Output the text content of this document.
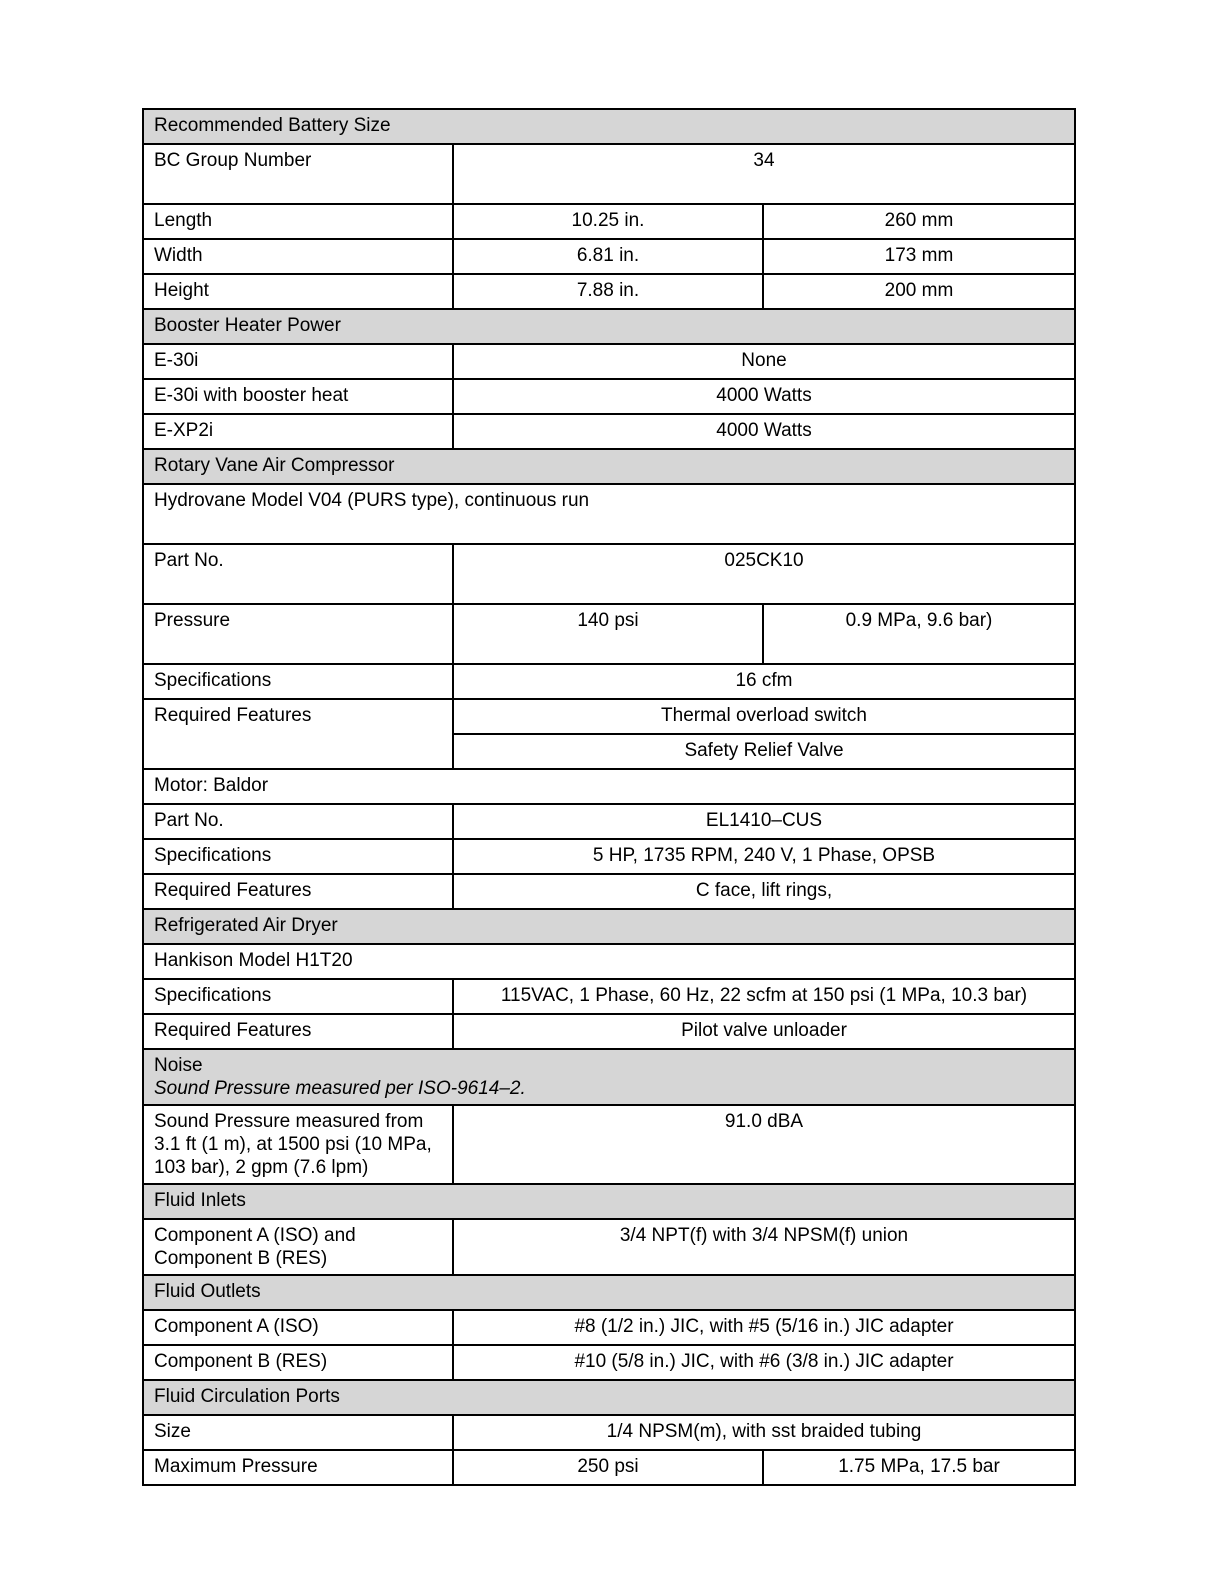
Recommended Battery Size		
BC Group Number	34	
Length	10.25 in.	260 mm
Width	6.81 in.	173 mm
Height	7.88 in.	200 mm
Booster Heater Power		
E-30i	None	
E-30i with booster heat	4000 Watts	
E-XP2i	4000 Watts	
Rotary Vane Air Compressor		
Hydrovane Model V04 (PURS type), continuous run		
Part No.	025CK10	
Pressure	140 psi	0.9 MPa, 9.6 bar)
Specifications	16 cfm	
Required Features	Thermal overload switch	
	Safety Relief Valve	
Motor: Baldor		
Part No.	EL1410–CUS	
Specifications	5 HP, 1735 RPM, 240 V, 1 Phase, OPSB	
Required Features	C face, lift rings,	
Refrigerated Air Dryer		
Hankison Model H1T20		
Specifications	115VAC, 1 Phase, 60 Hz, 22 scfm at 150 psi (1 MPa, 10.3 bar)	
Required Features	Pilot valve unloader	
Noise
Sound Pressure measured per ISO-9614–2.		

Sound Pressure measured from 3.1 ft (1 m), at 1500 psi (10 MPa, 103 bar), 2 gpm (7.6 lpm)	91.0 dBA	
Fluid Inlets		
Component A (ISO) and Component B (RES)	3/4 NPT(f) with 3/4 NPSM(f) union	
Fluid Outlets		
Component A (ISO)	#8 (1/2 in.) JIC, with #5 (5/16 in.) JIC adapter	
Component B (RES)	#10 (5/8 in.) JIC, with #6 (3/8 in.) JIC adapter	
Fluid Circulation Ports		
Size	1/4 NPSM(m), with sst braided tubing	
Maximum Pressure	250 psi	1.75 MPa, 17.5 bar
